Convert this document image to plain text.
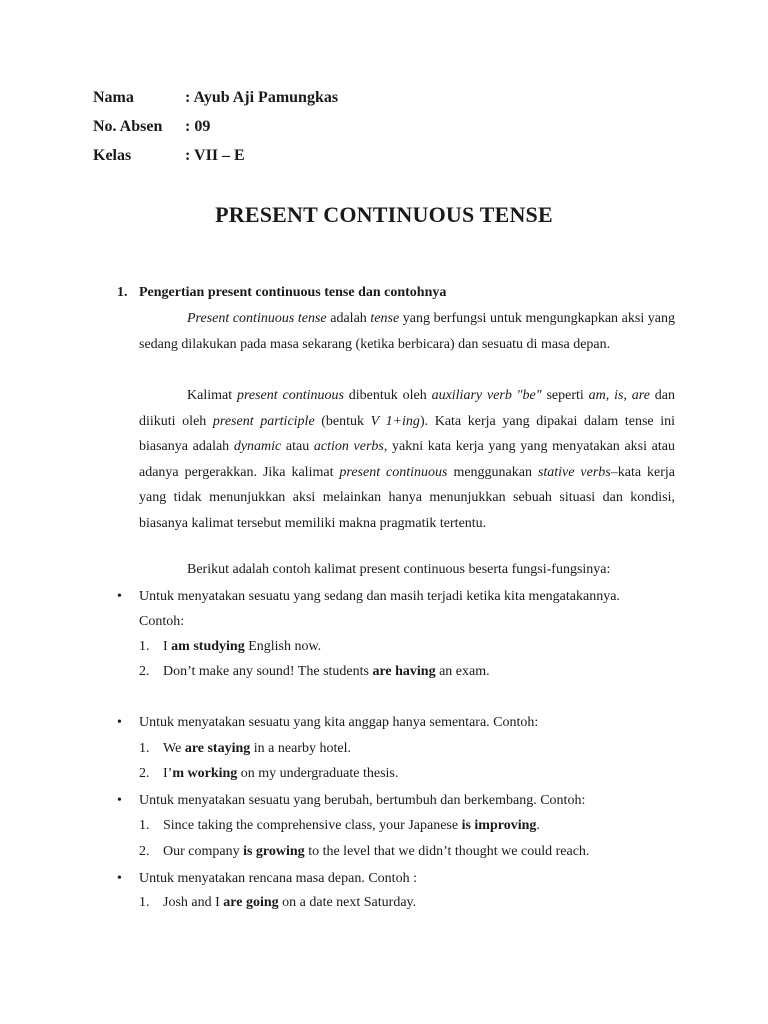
Nama	: Ayub Aji Pamungkas
No. Absen : 09
Kelas	: VII – E
PRESENT CONTINUOUS TENSE
1. Pengertian present continuous tense dan contohnya
Present continuous tense adalah tense yang berfungsi untuk mengungkapkan aksi yang sedang dilakukan pada masa sekarang (ketika berbicara) dan sesuatu di masa depan.
Kalimat present continuous dibentuk oleh auxiliary verb "be" seperti am, is, are dan diikuti oleh present participle (bentuk V 1+ing). Kata kerja yang dipakai dalam tense ini biasanya adalah dynamic atau action verbs, yakni kata kerja yang yang menyatakan aksi atau adanya pergerakkan. Jika kalimat present continuous menggunakan stative verbs–kata kerja yang tidak menunjukkan aksi melainkan hanya menunjukkan sebuah situasi dan kondisi, biasanya kalimat tersebut memiliki makna pragmatik tertentu.
Berikut adalah contoh kalimat present continuous beserta fungsi-fungsinya:
• Untuk menyatakan sesuatu yang sedang dan masih terjadi ketika kita mengatakannya.
Contoh:
1. I am studying English now.
2. Don’t make any sound! The students are having an exam.
• Untuk menyatakan sesuatu yang kita anggap hanya sementara. Contoh:
1. We are staying in a nearby hotel.
2. I’m working on my undergraduate thesis.
• Untuk menyatakan sesuatu yang berubah, bertumbuh dan berkembang. Contoh:
1. Since taking the comprehensive class, your Japanese is improving.
2. Our company is growing to the level that we didn’t thought we could reach.
• Untuk menyatakan rencana masa depan. Contoh :
1. Josh and I are going on a date next Saturday.
